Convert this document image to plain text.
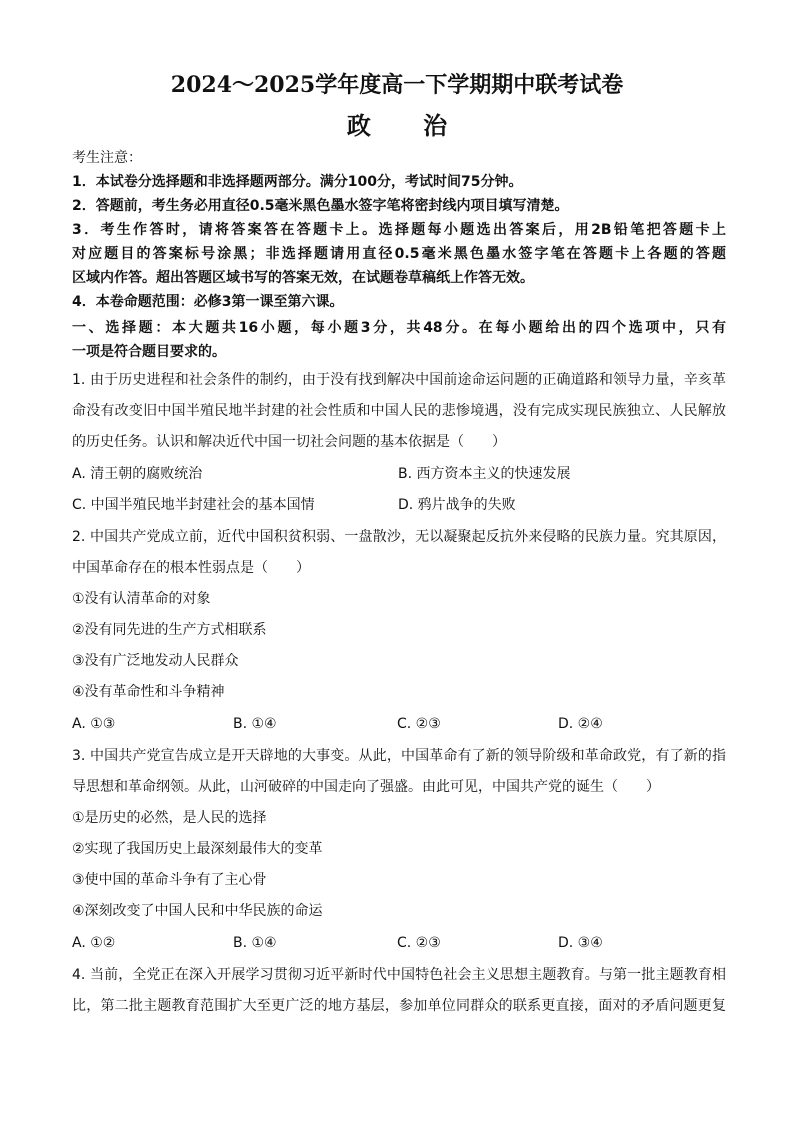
2024～2025学年度高一下学期期中联考试卷
政 治
考生注意：
1．本试卷分选择题和非选择题两部分。满分100分，考试时间75分钟。
2．答题前，考生务必用直径0.5毫米黑色墨水签字笔将密封线内项目填写清楚。
3．考生作答时，请将答案答在答题卡上。选择题每小题选出答案后，用2B铅笔把答题卡上
对应题目的答案标号涂黑；非选择题请用直径0.5毫米黑色墨水签字笔在答题卡上各题的答题
区域内作答。超出答题区域书写的答案无效，在试题卷草稿纸上作答无效。
4．本卷命题范围：必修3第一课至第六课。
一、选择题：本大题共16小题，每小题3分，共48分。在每小题给出的四个选项中，只有
一项是符合题目要求的。
1. 由于历史进程和社会条件的制约，由于没有找到解决中国前途命运问题的正确道路和领导力量，辛亥革
命没有改变旧中国半殖民地半封建的社会性质和中国人民的悲惨境遇，没有完成实现民族独立、人民解放
的历史任务。认识和解决近代中国一切社会问题的基本依据是（　　）
A. 清王朝的腐败统治	B. 西方资本主义的快速发展
C. 中国半殖民地半封建社会的基本国情	D. 鸦片战争的失败
2. 中国共产党成立前，近代中国积贫积弱、一盘散沙，无以凝聚起反抗外来侵略的民族力量。究其原因，
中国革命存在的根本性弱点是（　　）
①没有认清革命的对象
②没有同先进的生产方式相联系
③没有广泛地发动人民群众
④没有革命性和斗争精神
A. ①③	B. ①④	C. ②③	D. ②④
3. 中国共产党宣告成立是开天辟地的大事变。从此，中国革命有了新的领导阶级和革命政党，有了新的指
导思想和革命纲领。从此，山河破碎的中国走向了强盛。由此可见，中国共产党的诞生（　　）
①是历史的必然，是人民的选择
②实现了我国历史上最深刻最伟大的变革
③使中国的革命斗争有了主心骨
④深刻改变了中国人民和中华民族的命运
A. ①②	B. ①④	C. ②③	D. ③④
4. 当前，全党正在深入开展学习贯彻习近平新时代中国特色社会主义思想主题教育。与第一批主题教育相
比，第二批主题教育范围扩大至更广泛的地方基层，参加单位同群众的联系更直接，面对的矛盾问题更复
